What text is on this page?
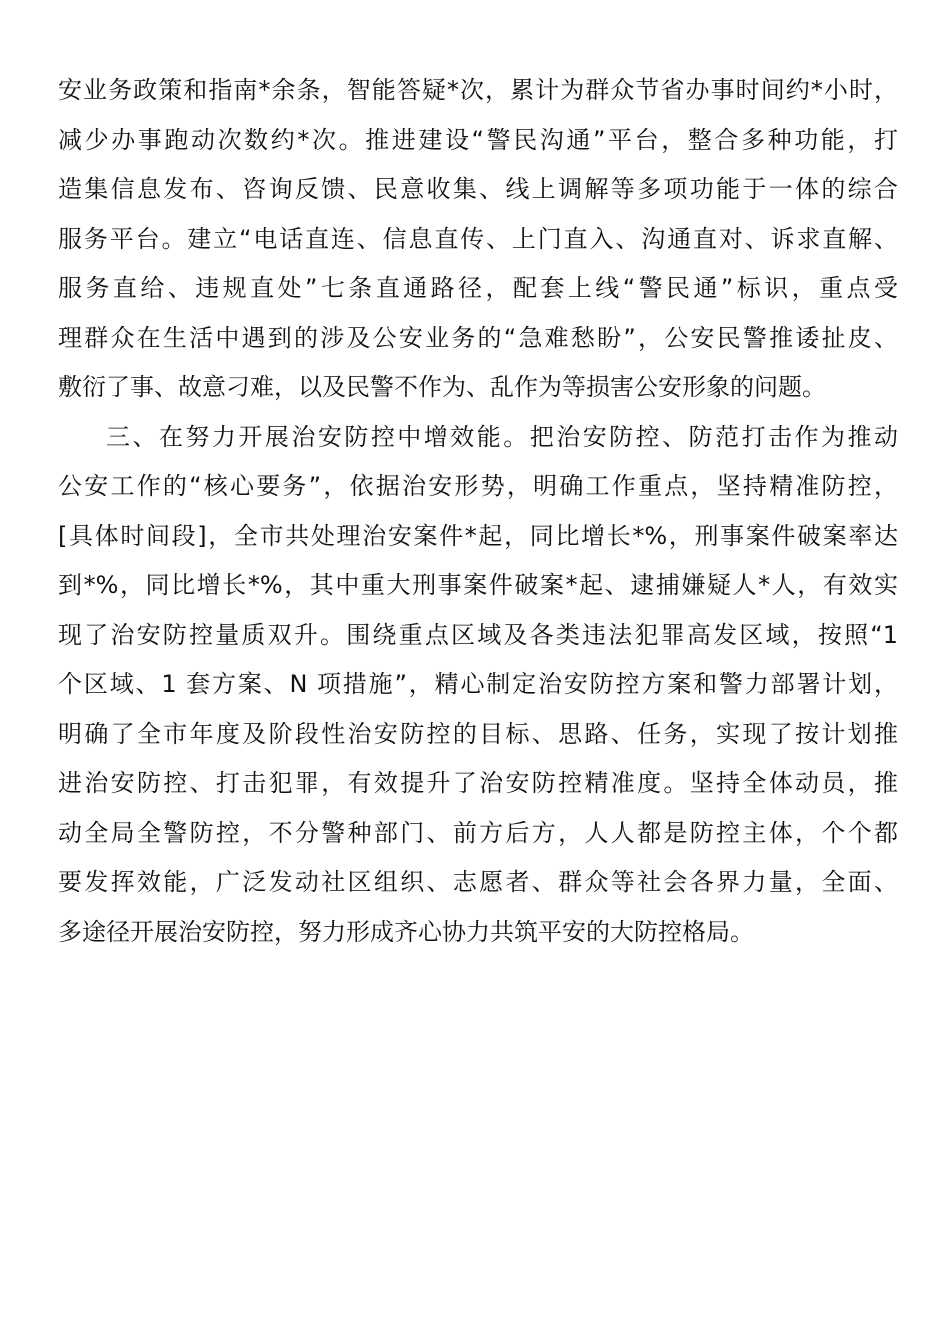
安业务政策和指南*余条，智能答疑*次，累计为群众节省办事时间约*小时，
减少办事跑动次数约*次。推进建设“警民沟通”平台，整合多种功能，打
造集信息发布、咨询反馈、民意收集、线上调解等多项功能于一体的综合
服务平台。建立“电话直连、信息直传、上门直入、沟通直对、诉求直解、
服务直给、违规直处”七条直通路径，配套上线“警民通”标识，重点受
理群众在生活中遇到的涉及公安业务的“急难愁盼”，公安民警推诿扯皮、
敷衍了事、故意刁难，以及民警不作为、乱作为等损害公安形象的问题。
三、在努力开展治安防控中增效能。把治安防控、防范打击作为推动
公安工作的“核心要务”，依据治安形势，明确工作重点，坚持精准防控，
[具体时间段]，全市共处理治安案件*起，同比增长*%，刑事案件破案率达
到*%，同比增长*%，其中重大刑事案件破案*起、逮捕嫌疑人*人，有效实
现了治安防控量质双升。围绕重点区域及各类违法犯罪高发区域，按照“1
个区域、1 套方案、N 项措施”，精心制定治安防控方案和警力部署计划，
明确了全市年度及阶段性治安防控的目标、思路、任务，实现了按计划推
进治安防控、打击犯罪，有效提升了治安防控精准度。坚持全体动员，推
动全局全警防控，不分警种部门、前方后方，人人都是防控主体，个个都
要发挥效能，广泛发动社区组织、志愿者、群众等社会各界力量，全面、
多途径开展治安防控，努力形成齐心协力共筑平安的大防控格局。
